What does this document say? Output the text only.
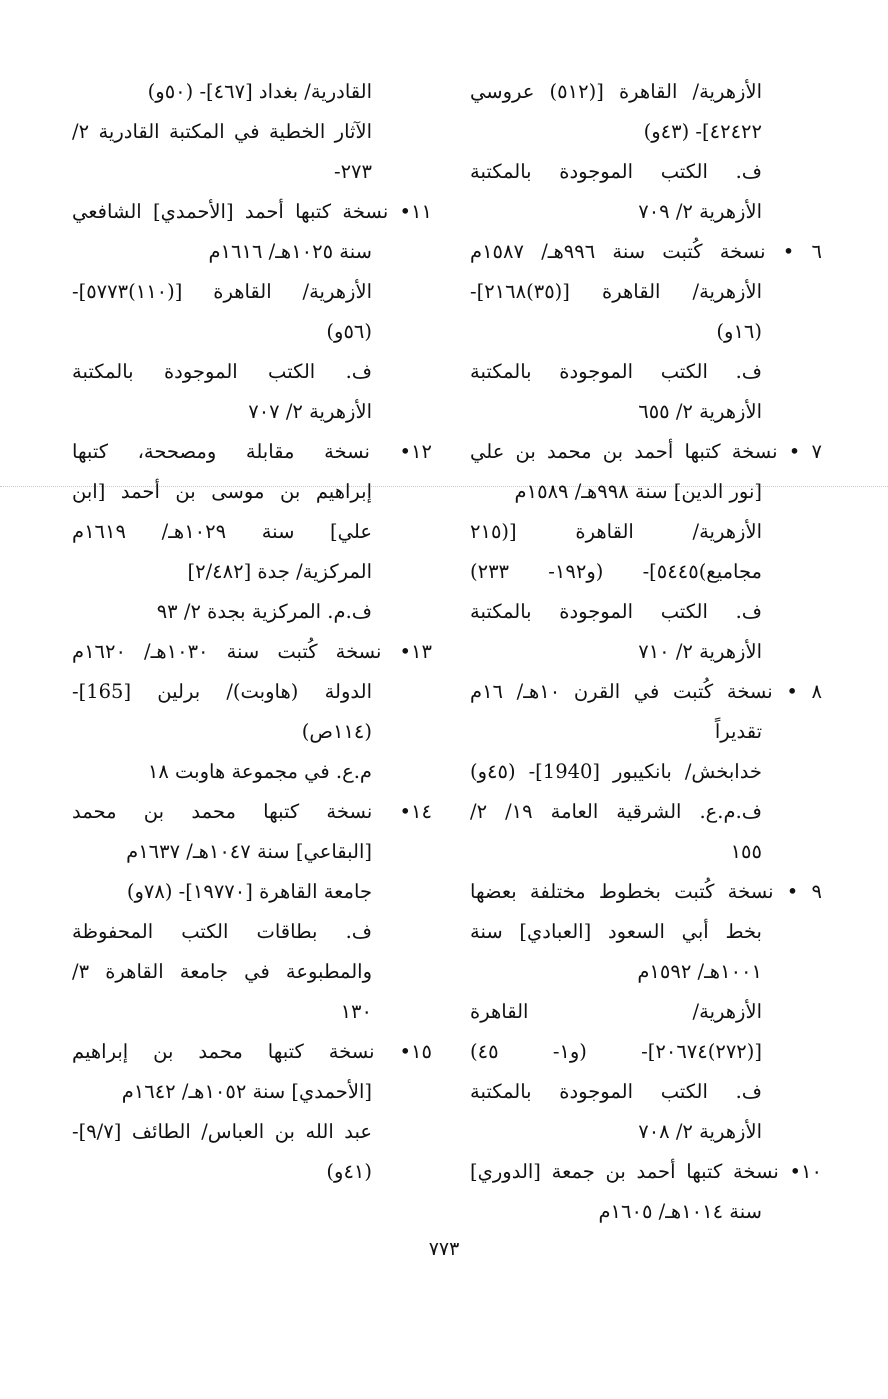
الأزهرية/ القاهرة [(٥١٢) عروسي
٤٢٤٢٢]- (٤٣و)
ف. الكتب الموجودة بالمكتبة
الأزهرية ٢/ ٧٠٩
٦ • نسخة كُتبت سنة ٩٩٦هـ/ ١٥٨٧م
الأزهرية/ القاهرة [(٣٥)٢١٦٨]-
(١٦و)
ف. الكتب الموجودة بالمكتبة
الأزهرية ٢/ ٦٥٥
٧ • نسخة كتبها أحمد بن محمد بن علي
[نور الدين] سنة ٩٩٨هـ/ ١٥٨٩م
الأزهرية/ القاهرة [(٢١٥
مجاميع)٥٤٤٥]- (و١٩٢- ٢٣٣)
ف. الكتب الموجودة بالمكتبة
الأزهرية ٢/ ٧١٠
٨ • نسخة كُتبت في القرن ١٠هـ/ ١٦م
تقديراً
خدابخش/ بانكيبور [1940]- (٤٥و)
ف.م.ع. الشرقية العامة ١٩/ ٢/
١٥٥
٩ • نسخة كُتبت بخطوط مختلفة بعضها
بخط أبي السعود [العبادي] سنة
١٠٠١هـ/ ١٥٩٢م
الأزهرية/ القاهرة
[(٢٧٢)٢٠٦٧٤]- (و١- ٤٥)
ف. الكتب الموجودة بالمكتبة
الأزهرية ٢/ ٧٠٨
١٠• نسخة كتبها أحمد بن جمعة [الدوري]
سنة ١٠١٤هـ/ ١٦٠٥م
القادرية/ بغداد [٤٦٧]- (٥٠و)
الآثار الخطية في المكتبة القادرية ٢/
٢٧٣-
١١• نسخة كتبها أحمد [الأحمدي] الشافعي
سنة ١٠٢٥هـ/ ١٦١٦م
الأزهرية/ القاهرة [(١١٠)٥٧٧٣]-
(٥٦و)
ف. الكتب الموجودة بالمكتبة
الأزهرية ٢/ ٧٠٧
١٢• نسخة مقابلة ومصححة، كتبها
إبراهيم بن موسى بن أحمد [ابن
علي] سنة ١٠٢٩هـ/ ١٦١٩م
المركزية/ جدة [٢/٤٨٢]
ف.م. المركزية بجدة ٢/ ٩٣
١٣• نسخة كُتبت سنة ١٠٣٠هـ/ ١٦٢٠م
الدولة (هاوبت)/ برلين [165]-
(١١٤ص)
م.ع. في مجموعة هاوبت ١٨
١٤• نسخة كتبها محمد بن محمد
[البقاعي] سنة ١٠٤٧هـ/ ١٦٣٧م
جامعة القاهرة [١٩٧٧٠]- (٧٨و)
ف. بطاقات الكتب المحفوظة
والمطبوعة في جامعة القاهرة ٣/
١٣٠
١٥• نسخة كتبها محمد بن إبراهيم
[الأحمدي] سنة ١٠٥٢هـ/ ١٦٤٢م
عبد الله بن العباس/ الطائف [٩/٧]-
(٤١و)
٧٧٣
